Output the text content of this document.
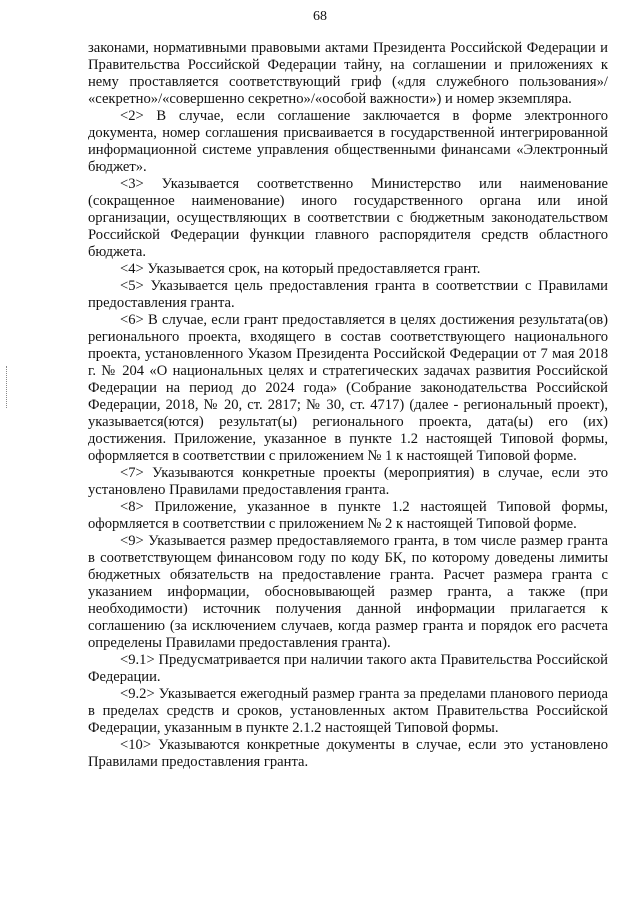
68

законами, нормативными правовыми актами Президента Российской Федерации и Правительства Российской Федерации тайну, на соглашении и приложениях к нему проставляется соответствующий гриф («для служебного пользования»/ «секретно»/«совершенно секретно»/«особой важности») и номер экземпляра.

<2> В случае, если соглашение заключается в форме электронного документа, номер соглашения присваивается в государственной интегрированной информационной системе управления общественными финансами «Электронный бюджет».

<3> Указывается соответственно Министерство или наименование (сокращенное наименование) иного государственного органа или иной организации, осуществляющих в соответствии с бюджетным законодательством Российской Федерации функции главного распорядителя средств областного бюджета.

<4> Указывается срок, на который предоставляется грант.

<5> Указывается цель предоставления гранта в соответствии с Правилами предоставления гранта.

<6> В случае, если грант предоставляется в целях достижения результата(ов) регионального проекта, входящего в состав соответствующего национального проекта, установленного Указом Президента Российской Федерации от 7 мая 2018 г. № 204 «О национальных целях и стратегических задачах развития Российской Федерации на период до 2024 года» (Собрание законодательства Российской Федерации, 2018, № 20, ст. 2817; № 30, ст. 4717) (далее - региональный проект), указывается(ются) результат(ы) регионального проекта, дата(ы) его (их) достижения. Приложение, указанное в пункте 1.2 настоящей Типовой формы, оформляется в соответствии с приложением № 1 к настоящей Типовой форме.

<7> Указываются конкретные проекты (мероприятия) в случае, если это установлено Правилами предоставления гранта.

<8> Приложение, указанное в пункте 1.2 настоящей Типовой формы, оформляется в соответствии с приложением № 2 к настоящей Типовой форме.

<9> Указывается размер предоставляемого гранта, в том числе размер гранта в соответствующем финансовом году по коду БК, по которому доведены лимиты бюджетных обязательств на предоставление гранта. Расчет размера гранта с указанием информации, обосновывающей размер гранта, а также (при необходимости) источник получения данной информации прилагается к соглашению (за исключением случаев, когда размер гранта и порядок его расчета определены Правилами предоставления гранта).

<9.1> Предусматривается при наличии такого акта Правительства Российской Федерации.

<9.2> Указывается ежегодный размер гранта за пределами планового периода в пределах средств и сроков, установленных актом Правительства Российской Федерации, указанным в пункте 2.1.2 настоящей Типовой формы.

<10> Указываются конкретные документы в случае, если это установлено Правилами предоставления гранта.
